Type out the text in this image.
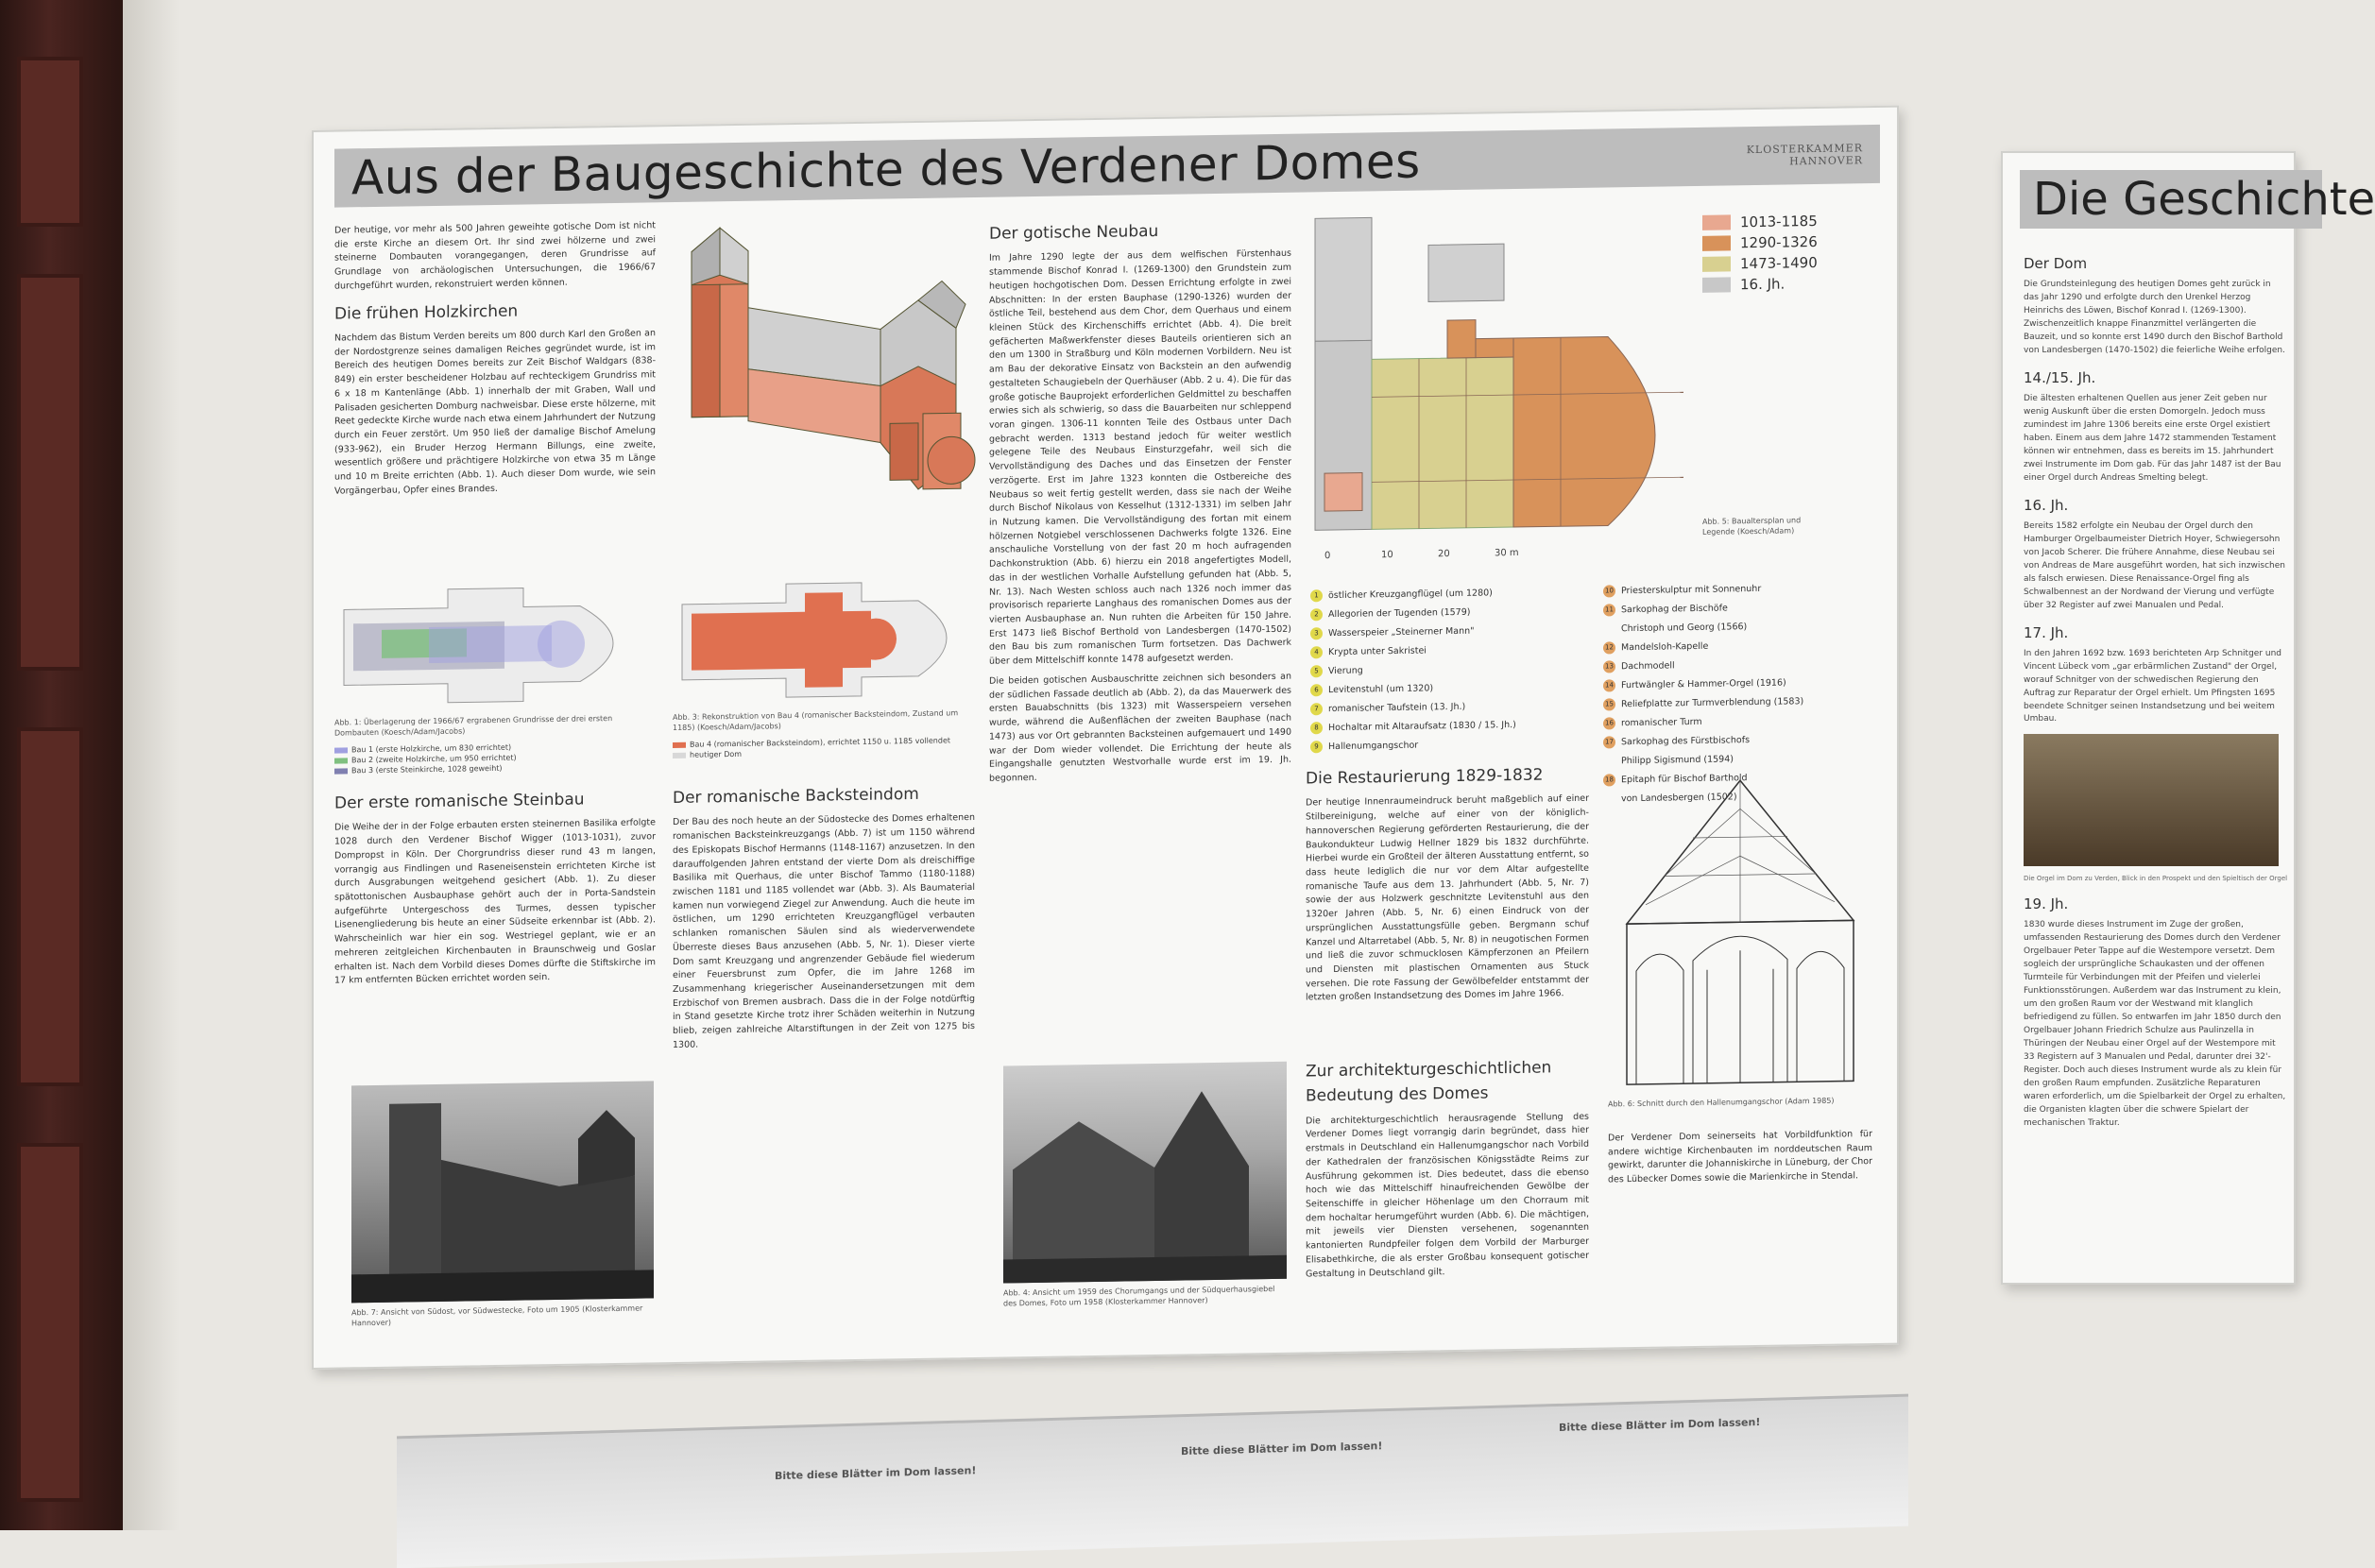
Aus der Baugeschichte des Verdener Domes	KLOSTERKAMMER
HANNOVER

Der heutige, vor mehr als 500 Jahren geweihte gotische Dom ist nicht die erste Kirche an diesem Ort. Ihr sind zwei hölzerne und zwei steinerne Dombauten vorangegangen, deren Grundrisse auf Grundlage von archäologischen Untersuchungen, die 1966/67 durchgeführt wurden, rekonstruiert werden können.

Die frühen Holzkirchen

Nachdem das Bistum Verden bereits um 800 durch Karl den Großen an der Nordostgrenze seines damaligen Reiches gegründet wurde, ist im Bereich des heutigen Domes bereits zur Zeit Bischof Waldgars (838-849) ein erster bescheidener Holzbau auf rechteckigem Grundriss mit 6 x 18 m Kantenlänge (Abb. 1) innerhalb der mit Graben, Wall und Palisaden gesicherten Domburg nachweisbar. Diese erste hölzerne, mit Reet gedeckte Kirche wurde nach etwa einem Jahrhundert der Nutzung durch ein Feuer zerstört. Um 950 ließ der damalige Bischof Amelung (933-962), ein Bruder Herzog Hermann Billungs, eine zweite, wesentlich größere und prächtigere Holzkirche von etwa 35 m Länge und 10 m Breite errichten (Abb. 1). Auch dieser Dom wurde, wie sein Vorgängerbau, Opfer eines Brandes.

Abb. 1: Überlagerung der 1966/67 ergrabenen Grundrisse der drei ersten Dombauten (Koesch/Adam/Jacobs)
Bau 1 (erste Holzkirche, um 830 errichtet)
Bau 2 (zweite Holzkirche, um 950 errichtet)
Bau 3 (erste Steinkirche, 1028 geweiht)
Abb. 3: Rekonstruktion von Bau 4 (romanischer Backsteindom, Zustand um 1185) (Koesch/Adam/Jacobs)
Bau 4 (romanischer Backsteindom), errichtet 1150 u. 1185 vollendet
heutiger Dom
Der erste romanische Steinbau

Die Weihe der in der Folge erbauten ersten steinernen Basilika erfolgte 1028 durch den Verdener Bischof Wigger (1013-1031), zuvor Dompropst in Köln. Der Chorgrundriss dieser rund 43 m langen, vorrangig aus Findlingen und Raseneisenstein errichteten Kirche ist durch Ausgrabungen weitgehend gesichert (Abb. 1). Zu dieser spätottonischen Ausbauphase gehört auch der in Porta-Sandstein aufgeführte Untergeschoss des Turmes, dessen typischer Lisenengliederung bis heute an einer Südseite erkennbar ist (Abb. 2). Wahrscheinlich war hier ein sog. Westriegel geplant, wie er an mehreren zeitgleichen Kirchenbauten in Braunschweig und Goslar erhalten ist. Nach dem Vorbild dieses Domes dürfte die Stiftskirche im 17 km entfernten Bücken errichtet worden sein.

Abb. 7: Ansicht von Südost, vor Südwestecke, Foto um 1905 (Klosterkammer Hannover)
Der romanische Backsteindom

Der Bau des noch heute an der Südostecke des Domes erhaltenen romanischen Backsteinkreuzgangs (Abb. 7) ist um 1150 während des Episkopats Bischof Hermanns (1148-1167) anzusetzen. In den darauffolgenden Jahren entstand der vierte Dom als dreischiffige Basilika mit Querhaus, die unter Bischof Tammo (1180-1188) zwischen 1181 und 1185 vollendet war (Abb. 3). Als Baumaterial kamen nun vorwiegend Ziegel zur Anwendung. Auch die heute im östlichen, um 1290 errichteten Kreuzgangflügel verbauten schlanken romanischen Säulen sind als wiederverwendete Überreste dieses Baus anzusehen (Abb. 5, Nr. 1). Dieser vierte Dom samt Kreuzgang und angrenzender Gebäude fiel wiederum einer Feuersbrunst zum Opfer, die im Jahre 1268 im Zusammenhang kriegerischer Auseinandersetzungen mit dem Erzbischof von Bremen ausbrach. Dass die in der Folge notdürftig in Stand gesetzte Kirche trotz ihrer Schäden weiterhin in Nutzung blieb, zeigen zahlreiche Altarstiftungen in der Zeit von 1275 bis 1300.

Der gotische Neubau

Im Jahre 1290 legte der aus dem welfischen Fürstenhaus stammende Bischof Konrad I. (1269-1300) den Grundstein zum heutigen hochgotischen Dom. Dessen Errichtung erfolgte in zwei Abschnitten: In der ersten Bauphase (1290-1326) wurden der östliche Teil, bestehend aus dem Chor, dem Querhaus und einem kleinen Stück des Kirchenschiffs errichtet (Abb. 4). Die breit gefächerten Maßwerkfenster dieses Bauteils orientieren sich an den um 1300 in Straßburg und Köln modernen Vorbildern. Neu ist am Bau der dekorative Einsatz von Backstein an den aufwendig gestalteten Schaugiebeln der Querhäuser (Abb. 2 u. 4). Die für das große gotische Bauprojekt erforderlichen Geldmittel zu beschaffen erwies sich als schwierig, so dass die Bauarbeiten nur schleppend voran gingen. 1306-11 konnten Teile des Ostbaus unter Dach gebracht werden. 1313 bestand jedoch für weiter westlich gelegene Teile des Neubaus Einsturzgefahr, weil sich die Vervollständigung des Daches und das Einsetzen der Fenster verzögerte. Erst im Jahre 1323 konnten die Ostbereiche des Neubaus so weit fertig gestellt werden, dass sie nach der Weihe durch Bischof Nikolaus von Kesselhut (1312-1331) im selben Jahr in Nutzung kamen. Die Vervollständigung des fortan mit einem hölzernen Notgiebel verschlossenen Dachwerks folgte 1326. Eine anschauliche Vorstellung von der fast 20 m hoch aufragenden Dachkonstruktion (Abb. 6) hierzu ein 2018 angefertigtes Modell, das in der westlichen Vorhalle Aufstellung gefunden hat (Abb. 5, Nr. 13). Nach Westen schloss auch nach 1326 noch immer das provisorisch reparierte Langhaus des romanischen Domes aus der vierten Ausbauphase an. Nun ruhten die Arbeiten für 150 Jahre. Erst 1473 ließ Bischof Berthold von Landesbergen (1470-1502) den Bau bis zum romanischen Turm fortsetzen. Das Dachwerk über dem Mittelschiff konnte 1478 aufgesetzt werden.

Die beiden gotischen Ausbauschritte zeichnen sich besonders an der südlichen Fassade deutlich ab (Abb. 2), da das Mauerwerk des ersten Bauabschnitts (bis 1323) mit Wasserspeiern versehen wurde, während die Außenflächen der zweiten Bauphase (nach 1473) aus vor Ort gebrannten Backsteinen aufgemauert und 1490 war der Dom wieder vollendet. Die Errichtung der heute als Eingangshalle genutzten Westvorhalle wurde erst im 19. Jh. begonnen.

Abb. 4: Ansicht um 1959 des Chorumgangs und der Südquerhausgiebel des Domes, Foto um 1958 (Klosterkammer Hannover)
0	10	20	30 m
Abb. 5: Baualtersplan und Legende (Koesch/Adam)
1013-1185
1290-1326
1473-1490
16. Jh.
1	östlicher Kreuzgangflügel (um 1280)
2	Allegorien der Tugenden (1579)
3	Wasserspeier „Steinerner Mann"
4	Krypta unter Sakristei
5	Vierung
6	Levitenstuhl (um 1320)
7	romanischer Taufstein (13. Jh.)
8	Hochaltar mit Altaraufsatz (1830 / 15. Jh.)
9	Hallenumgangschor
10 Priesterskulptur mit Sonnenuhr
11 Sarkophag der Bischöfe
Christoph und Georg (1566)
12 Mandelsloh-Kapelle
13 Dachmodell
14 Furtwängler & Hammer-Orgel (1916)
15 Reliefplatte zur Turmverblendung (1583)
16 romanischer Turm
17 Sarkophag des Fürstbischofs
Philipp Sigismund (1594)
18 Epitaph für Bischof Barthold
von Landesbergen (1502)
Die Restaurierung 1829-1832

Der heutige Innenraumeindruck beruht maßgeblich auf einer Stilbereinigung, welche auf einer von der königlich-hannoverschen Regierung geförderten Restaurierung, die der Baukondukteur Ludwig Hellner 1829 bis 1832 durchführte. Hierbei wurde ein Großteil der älteren Ausstattung entfernt, so dass heute lediglich die nur vor dem Altar aufgestellte romanische Taufe aus dem 13. Jahrhundert (Abb. 5, Nr. 7) sowie der aus Holzwerk geschnitzte Levitenstuhl aus den 1320er Jahren (Abb. 5, Nr. 6) einen Eindruck von der ursprünglichen Ausstattungsfülle geben. Bergmann schuf Kanzel und Altarretabel (Abb. 5, Nr. 8) in neugotischen Formen und ließ die zuvor schmucklosen Kämpferzonen an Pfeilern und Diensten mit plastischen Ornamenten aus Stuck versehen. Die rote Fassung der Gewölbefelder entstammt der letzten großen Instandsetzung des Domes im Jahre 1966.

Zur architekturgeschichtlichen Bedeutung des Domes

Die architekturgeschichtlich herausragende Stellung des Verdener Domes liegt vorrangig darin begründet, dass hier erstmals in Deutschland ein Hallenumgangschor nach Vorbild der Kathedralen der französischen Königsstädte Reims zur Ausführung gekommen ist. Dies bedeutet, dass die ebenso hoch wie das Mittelschiff hinaufreichenden Gewölbe der Seitenschiffe in gleicher Höhenlage um den Chorraum mit dem hochaltar herumgeführt wurden (Abb. 6). Die mächtigen, mit jeweils vier Diensten versehenen, sogenannten kantonierten Rundpfeiler folgen dem Vorbild der Marburger Elisabethkirche, die als erster Großbau konsequent gotischer Gestaltung in Deutschland gilt.

Abb. 6: Schnitt durch den Hallenumgangschor (Adam 1985)

Der Verdener Dom seinerseits hat Vorbildfunktion für andere wichtige Kirchenbauten im norddeutschen Raum gewirkt, darunter die Johanniskirche in Lüneburg, der Chor des Lübecker Domes sowie die Marienkirche in Stendal.

Die Geschichte
Der Dom

Die Grundsteinlegung des heutigen Domes geht zurück in das Jahr 1290 und erfolgte durch den Urenkel Herzog Heinrichs des Löwen, Bischof Konrad I. (1269-1300). Zwischenzeitlich knappe Finanzmittel verlängerten die Bauzeit, und so konnte erst 1490 durch den Bischof Barthold von Landesbergen (1470-1502) die feierliche Weihe erfolgen.

14./15. Jh.

Die ältesten erhaltenen Quellen aus jener Zeit geben nur wenig Auskunft über die ersten Domorgeln. Jedoch muss zumindest im Jahre 1306 bereits eine erste Orgel existiert haben. Einem aus dem Jahre 1472 stammenden Testament können wir entnehmen, dass es bereits im 15. Jahrhundert zwei Instrumente im Dom gab. Für das Jahr 1487 ist der Bau einer Orgel durch Andreas Smelting belegt.

16. Jh.

Bereits 1582 erfolgte ein Neubau der Orgel durch den Hamburger Orgelbaumeister Dietrich Hoyer, Schwiegersohn von Jacob Scherer. Die frühere Annahme, diese Neubau sei von Andreas de Mare ausgeführt worden, hat sich inzwischen als falsch erwiesen. Diese Renaissance-Orgel fing als Schwalbennest an der Nordwand der Vierung und verfügte über 32 Register auf zwei Manualen und Pedal.

17. Jh.

In den Jahren 1692 bzw. 1693 berichteten Arp Schnitger und Vincent Lübeck vom „gar erbärmlichen Zustand" der Orgel, worauf Schnitger von der schwedischen Regierung den Auftrag zur Reparatur der Orgel erhielt. Um Pfingsten 1695 beendete Schnitger seinen Instandsetzung und bei weitem Umbau.

Die Orgel im Dom zu Verden, Blick in den Prospekt und den Spieltisch der Orgel
19. Jh.

1830 wurde dieses Instrument im Zuge der großen, umfassenden Restaurierung des Domes durch den Verdener Orgelbauer Peter Tappe auf die Westempore versetzt. Dem sogleich der ursprüngliche Schaukasten und der offenen Turmteile für Verbindungen mit der Pfeifen und vielerlei Funktionsstörungen. Außerdem war das Instrument zu klein, um den großen Raum vor der Westwand mit klanglich befriedigend zu füllen. So entwarfen im Jahr 1850 durch den Orgelbauer Johann Friedrich Schulze aus Paulinzella in Thüringen der Neubau einer Orgel auf der Westempore mit 33 Registern auf 3 Manualen und Pedal, darunter drei 32'-Register. Doch auch dieses Instrument wurde als zu klein für den großen Raum empfunden. Zusätzliche Reparaturen waren erforderlich, um die Spielbarkeit der Orgel zu erhalten, die Organisten klagten über die schwere Spielart der mechanischen Traktur.

Bitte diese Blätter im Dom lassen!
Bitte diese Blätter im Dom lassen!
Bitte diese Blätter im Dom lassen!
